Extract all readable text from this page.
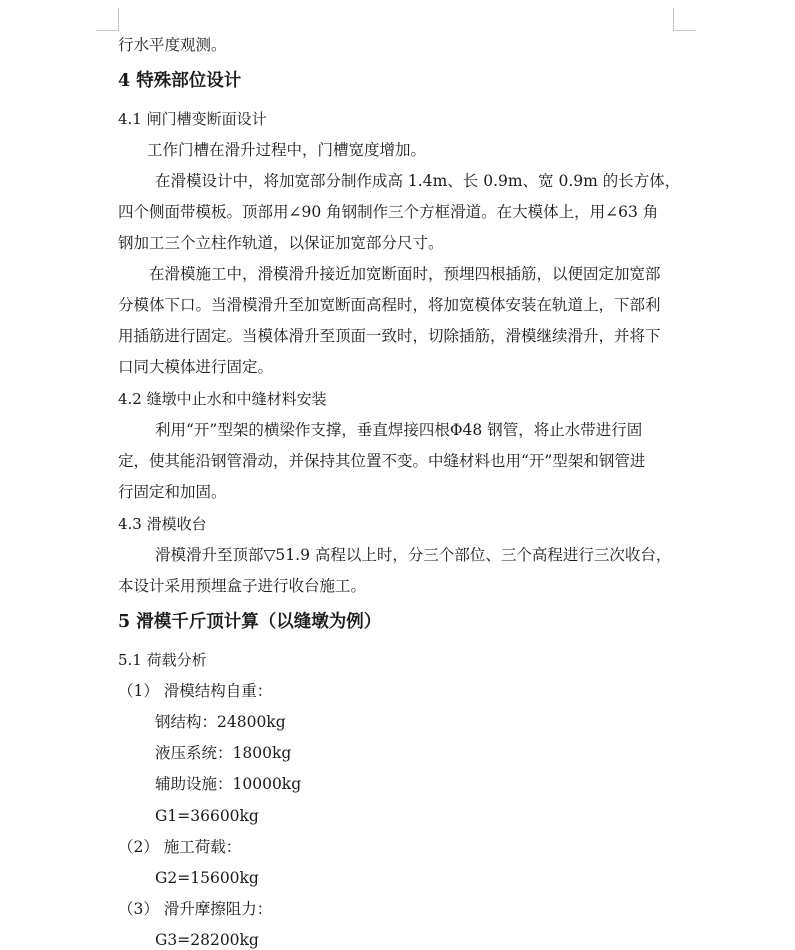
行水平度观测。
4 特殊部位设计
4.1 闸门槽变断面设计
工作门槽在滑升过程中，门槽宽度增加。
在滑模设计中，将加宽部分制作成高 1.4m、长 0.9m、宽 0.9m 的长方体，
四个侧面带模板。顶部用∠90 角钢制作三个方框滑道。在大模体上，用∠63 角
钢加工三个立柱作轨道，以保证加宽部分尺寸。
在滑模施工中，滑模滑升接近加宽断面时，预埋四根插筋，以便固定加宽部
分模体下口。当滑模滑升至加宽断面高程时，将加宽模体安装在轨道上，下部利
用插筋进行固定。当模体滑升至顶面一致时，切除插筋，滑模继续滑升，并将下
口同大模体进行固定。
4.2 缝墩中止水和中缝材料安装
利用“开”型架的横梁作支撑，垂直焊接四根Φ48 钢管，将止水带进行固
定，使其能沿钢管滑动，并保持其位置不变。中缝材料也用“开”型架和钢管进
行固定和加固。
4.3 滑模收台
滑模滑升至顶部▽51.9 高程以上时，分三个部位、三个高程进行三次收台，
本设计采用预埋盒子进行收台施工。
5 滑模千斤顶计算（以缝墩为例）
5.1 荷载分析
（1） 滑模结构自重：
钢结构：24800kg
液压系统：1800kg
辅助设施：10000kg
G1=36600kg
（2） 施工荷载：
G2=15600kg
（3） 滑升摩擦阻力：
G3=28200kg
